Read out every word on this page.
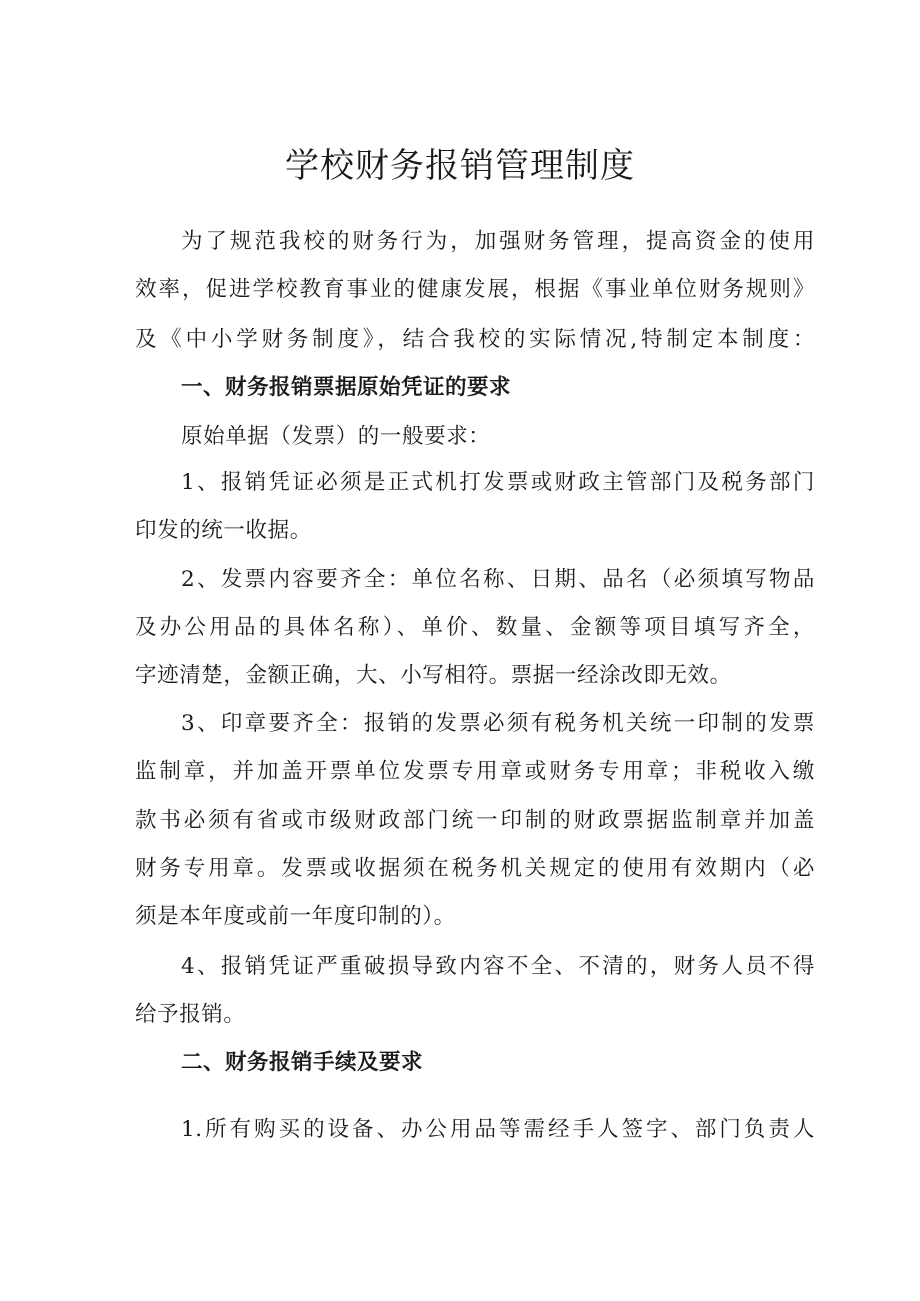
学校财务报销管理制度
为了规范我校的财务行为，加强财务管理，提高资金的使用
效率，促进学校教育事业的健康发展，根据《事业单位财务规则》
及《中小学财务制度》，结合我校的实际情况,特制定本制度：
一、财务报销票据原始凭证的要求
原始单据（发票）的一般要求：
1、报销凭证必须是正式机打发票或财政主管部门及税务部门
印发的统一收据。
2、发票内容要齐全：单位名称、日期、品名（必须填写物品
及办公用品的具体名称）、单价、数量、金额等项目填写齐全，
字迹清楚，金额正确，大、小写相符。票据一经涂改即无效。
3、印章要齐全：报销的发票必须有税务机关统一印制的发票
监制章，并加盖开票单位发票专用章或财务专用章；非税收入缴
款书必须有省或市级财政部门统一印制的财政票据监制章并加盖
财务专用章。发票或收据须在税务机关规定的使用有效期内（必
须是本年度或前一年度印制的）。
4、报销凭证严重破损导致内容不全、不清的，财务人员不得
给予报销。
二、财务报销手续及要求
1.所有购买的设备、办公用品等需经手人签字、部门负责人
